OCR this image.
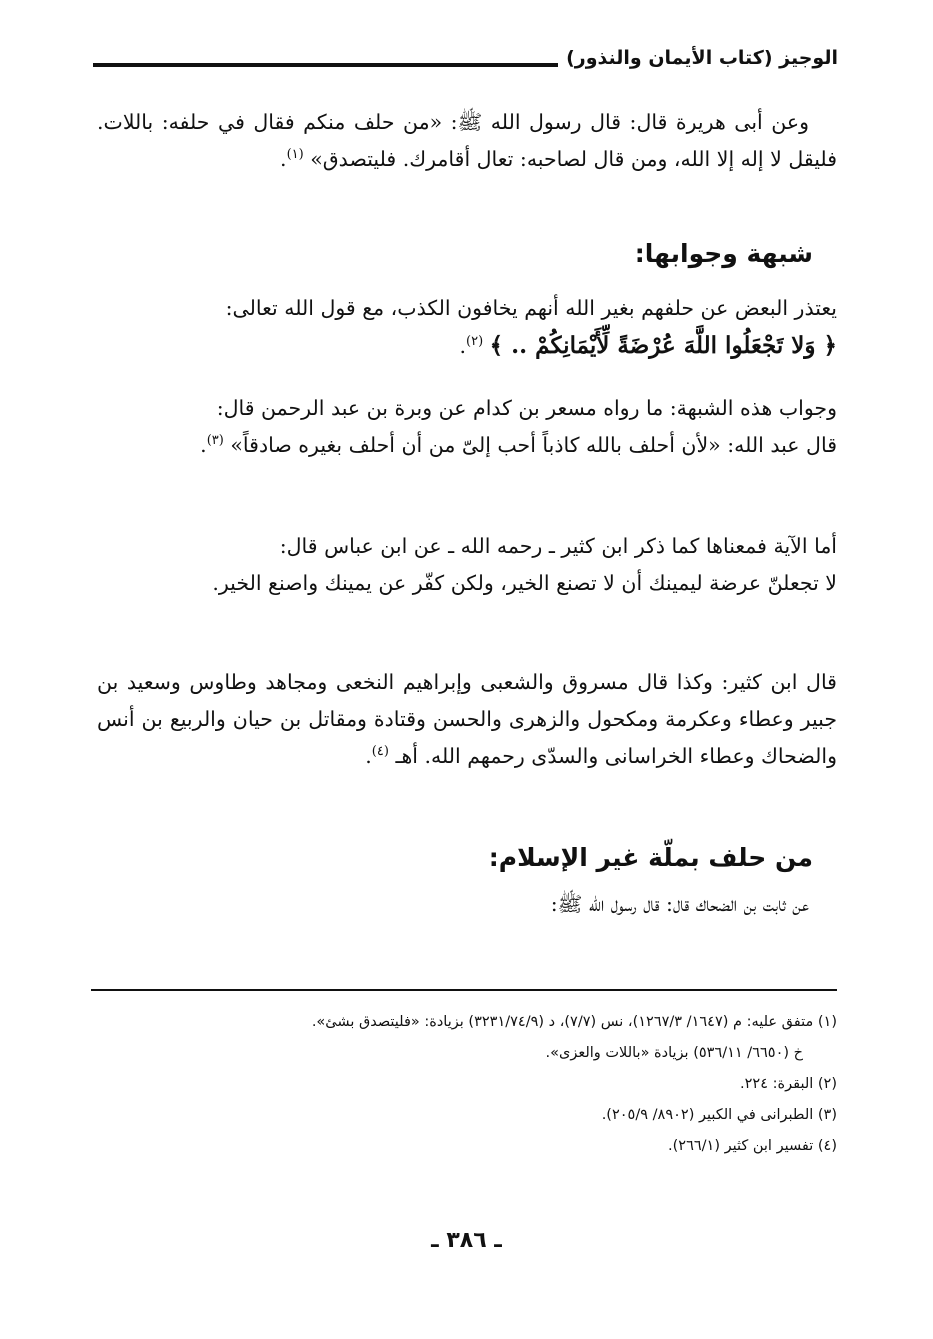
الوجيز (كتاب الأيمان والنذور)

وعن أبى هريرة قال: قال رسول الله ﷺ: «من حلف منكم فقال في حلفه: باللات. فليقل لا إله إلا الله، ومن قال لصاحبه: تعال أقامرك. فليتصدق» $^{(١)}$.

شبهة وجوابها:

يعتذر البعض عن حلفهم بغير الله أنهم يخافون الكذب، مع قول الله تعالى:

﴿ وَلا تَجْعَلُوا اللَّهَ عُرْضَةً لِّأَيْمَانِكُمْ .. ﴾ $^{(٢)}$.

وجواب هذه الشبهة: ما رواه مسعر بن كدام عن وبرة بن عبد الرحمن قال:

قال عبد الله: «لأن أحلف بالله كاذباً أحب إلىّ من أن أحلف بغيره صادقاً» $^{(٣)}$.

أما الآية فمعناها كما ذكر ابن كثير ـ رحمه الله ـ عن ابن عباس قال:

لا تجعلنّ عرضة ليمينك أن لا تصنع الخير، ولكن كفّر عن يمينك واصنع الخير.

قال ابن كثير: وكذا قال مسروق والشعبى وإبراهيم النخعى ومجاهد وطاوس وسعيد بن جبير وعطاء وعكرمة ومكحول والزهرى والحسن وقتادة ومقاتل بن حيان والربيع بن أنس والضحاك وعطاء الخراسانى والسدّى رحمهم الله. أهـ $^{(٤)}$.

من حلف بملّة غير الإسلام:

عن ثابت بن الضحاك قال: قال رسول الله ﷺ:

(١) متفق عليه: م (١٦٤٧/ ١٢٦٧/٣)، نس (٧/٧)، د (٣٢٣١/٧٤/٩) بزيادة: «فليتصدق بشئ».
خ (٦٦٥٠/ ٥٣٦/١١) بزيادة «باللات والعزى».
(٢) البقرة: ٢٢٤.
(٣) الطبرانى في الكبير (٨٩٠٢/ ٢٠٥/٩).
(٤) تفسير ابن كثير (٢٦٦/١).
ـ ٣٨٦ ـ
